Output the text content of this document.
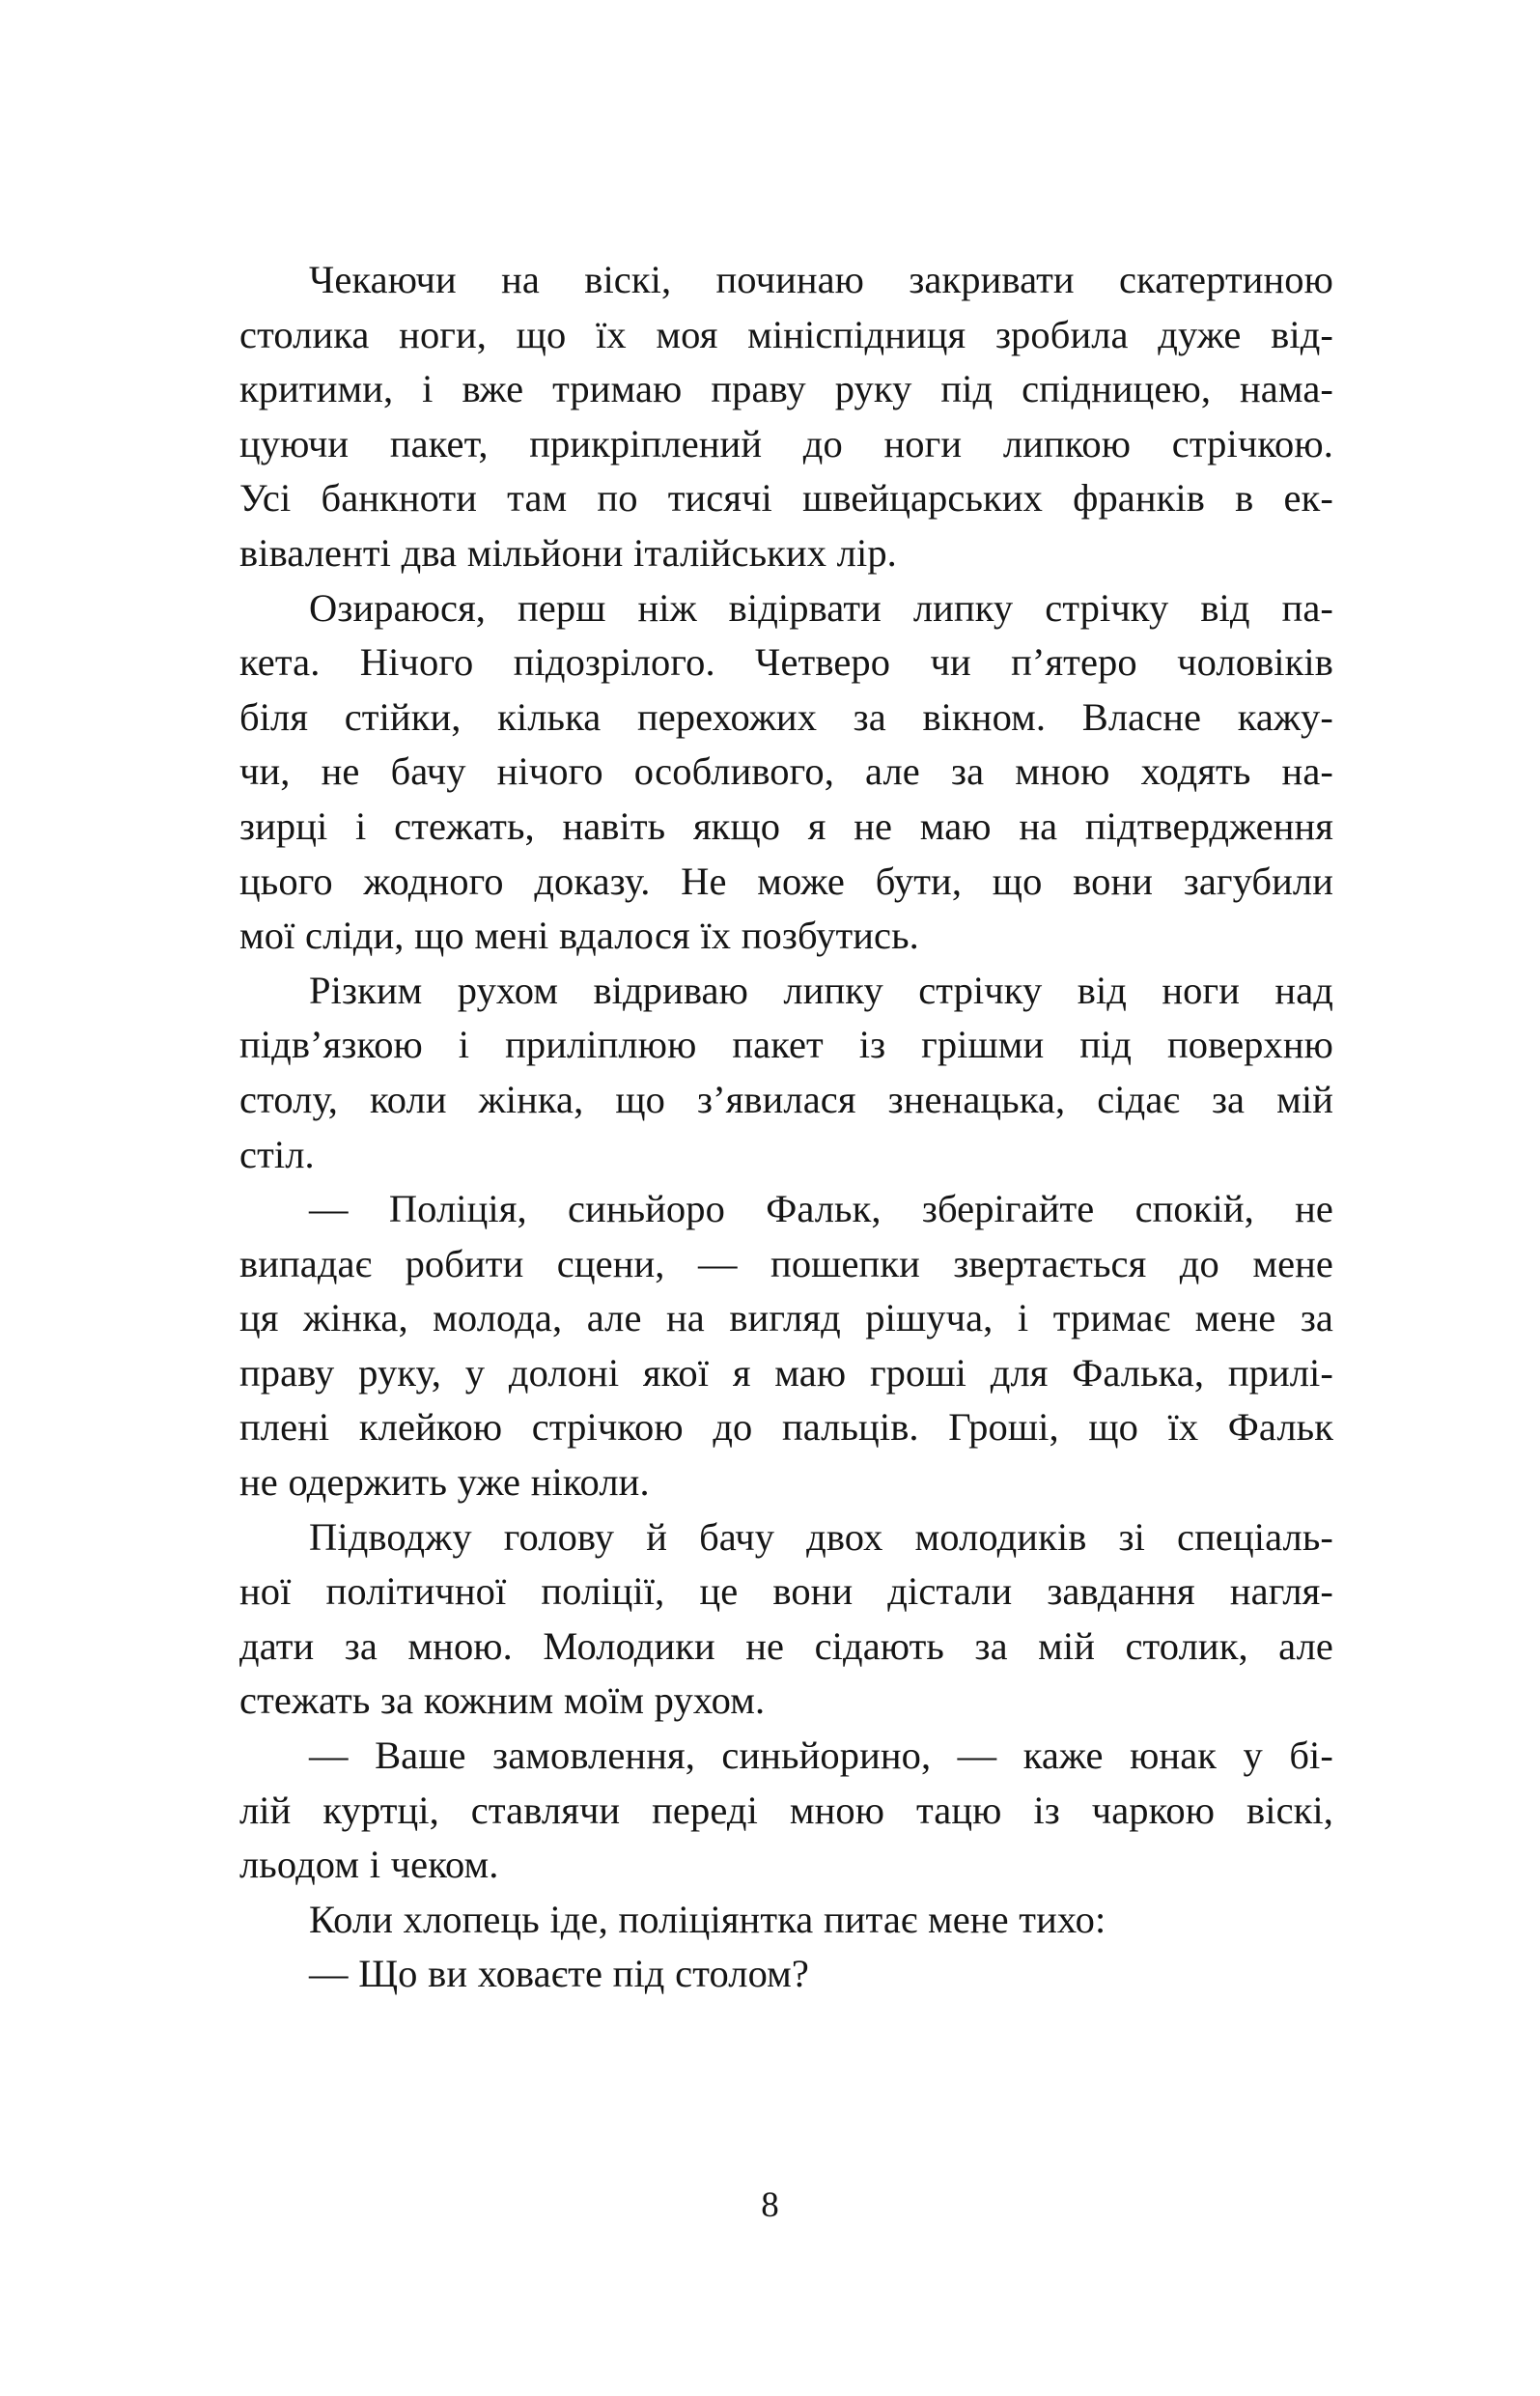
Чекаючи на віскі, починаю закривати скатертиною
столика ноги, що їх моя мініспідниця зробила дуже від-
критими, і вже тримаю праву руку під спідницею, нама-
цуючи пакет, прикріплений до ноги липкою стрічкою.
Усі банкноти там по тисячі швейцарських франків в ек-
віваленті два мільйони італійських лір.

Озираюся, перш ніж відірвати липку стрічку від па-
кета. Нічого підозрілого. Четверо чи п’ятеро чоловіків
біля стійки, кілька перехожих за вікном. Власне кажу-
чи, не бачу нічого особливого, але за мною ходять на-
зирці і стежать, навіть якщо я не маю на підтвердження
цього жодного доказу. Не може бути, що вони загубили
мої сліди, що мені вдалося їх позбутись.

Різким рухом відриваю липку стрічку від ноги над
підв’язкою і приліплюю пакет із грішми під поверхню
столу, коли жінка, що з’явилася зненацька, сідає за мій
стіл.

— Поліція, синьйоро Фальк, зберігайте спокій, не
випадає робити сцени, — пошепки звертається до мене
ця жінка, молода, але на вигляд рішуча, і тримає мене за
праву руку, у долоні якої я маю гроші для Фалька, прилі-
плені клейкою стрічкою до пальців. Гроші, що їх Фальк
не одержить уже ніколи.

Підводжу голову й бачу двох молодиків зі спеціаль-
ної політичної поліції, це вони дістали завдання нагля-
дати за мною. Молодики не сідають за мій столик, але
стежать за кожним моїм рухом.

— Ваше замовлення, синьйорино, — каже юнак у бі-
лій куртці, ставлячи переді мною тацю із чаркою віскі,
льодом і чеком.

Коли хлопець іде, поліціянтка питає мене тихо:

— Що ви ховаєте під столом?

8
